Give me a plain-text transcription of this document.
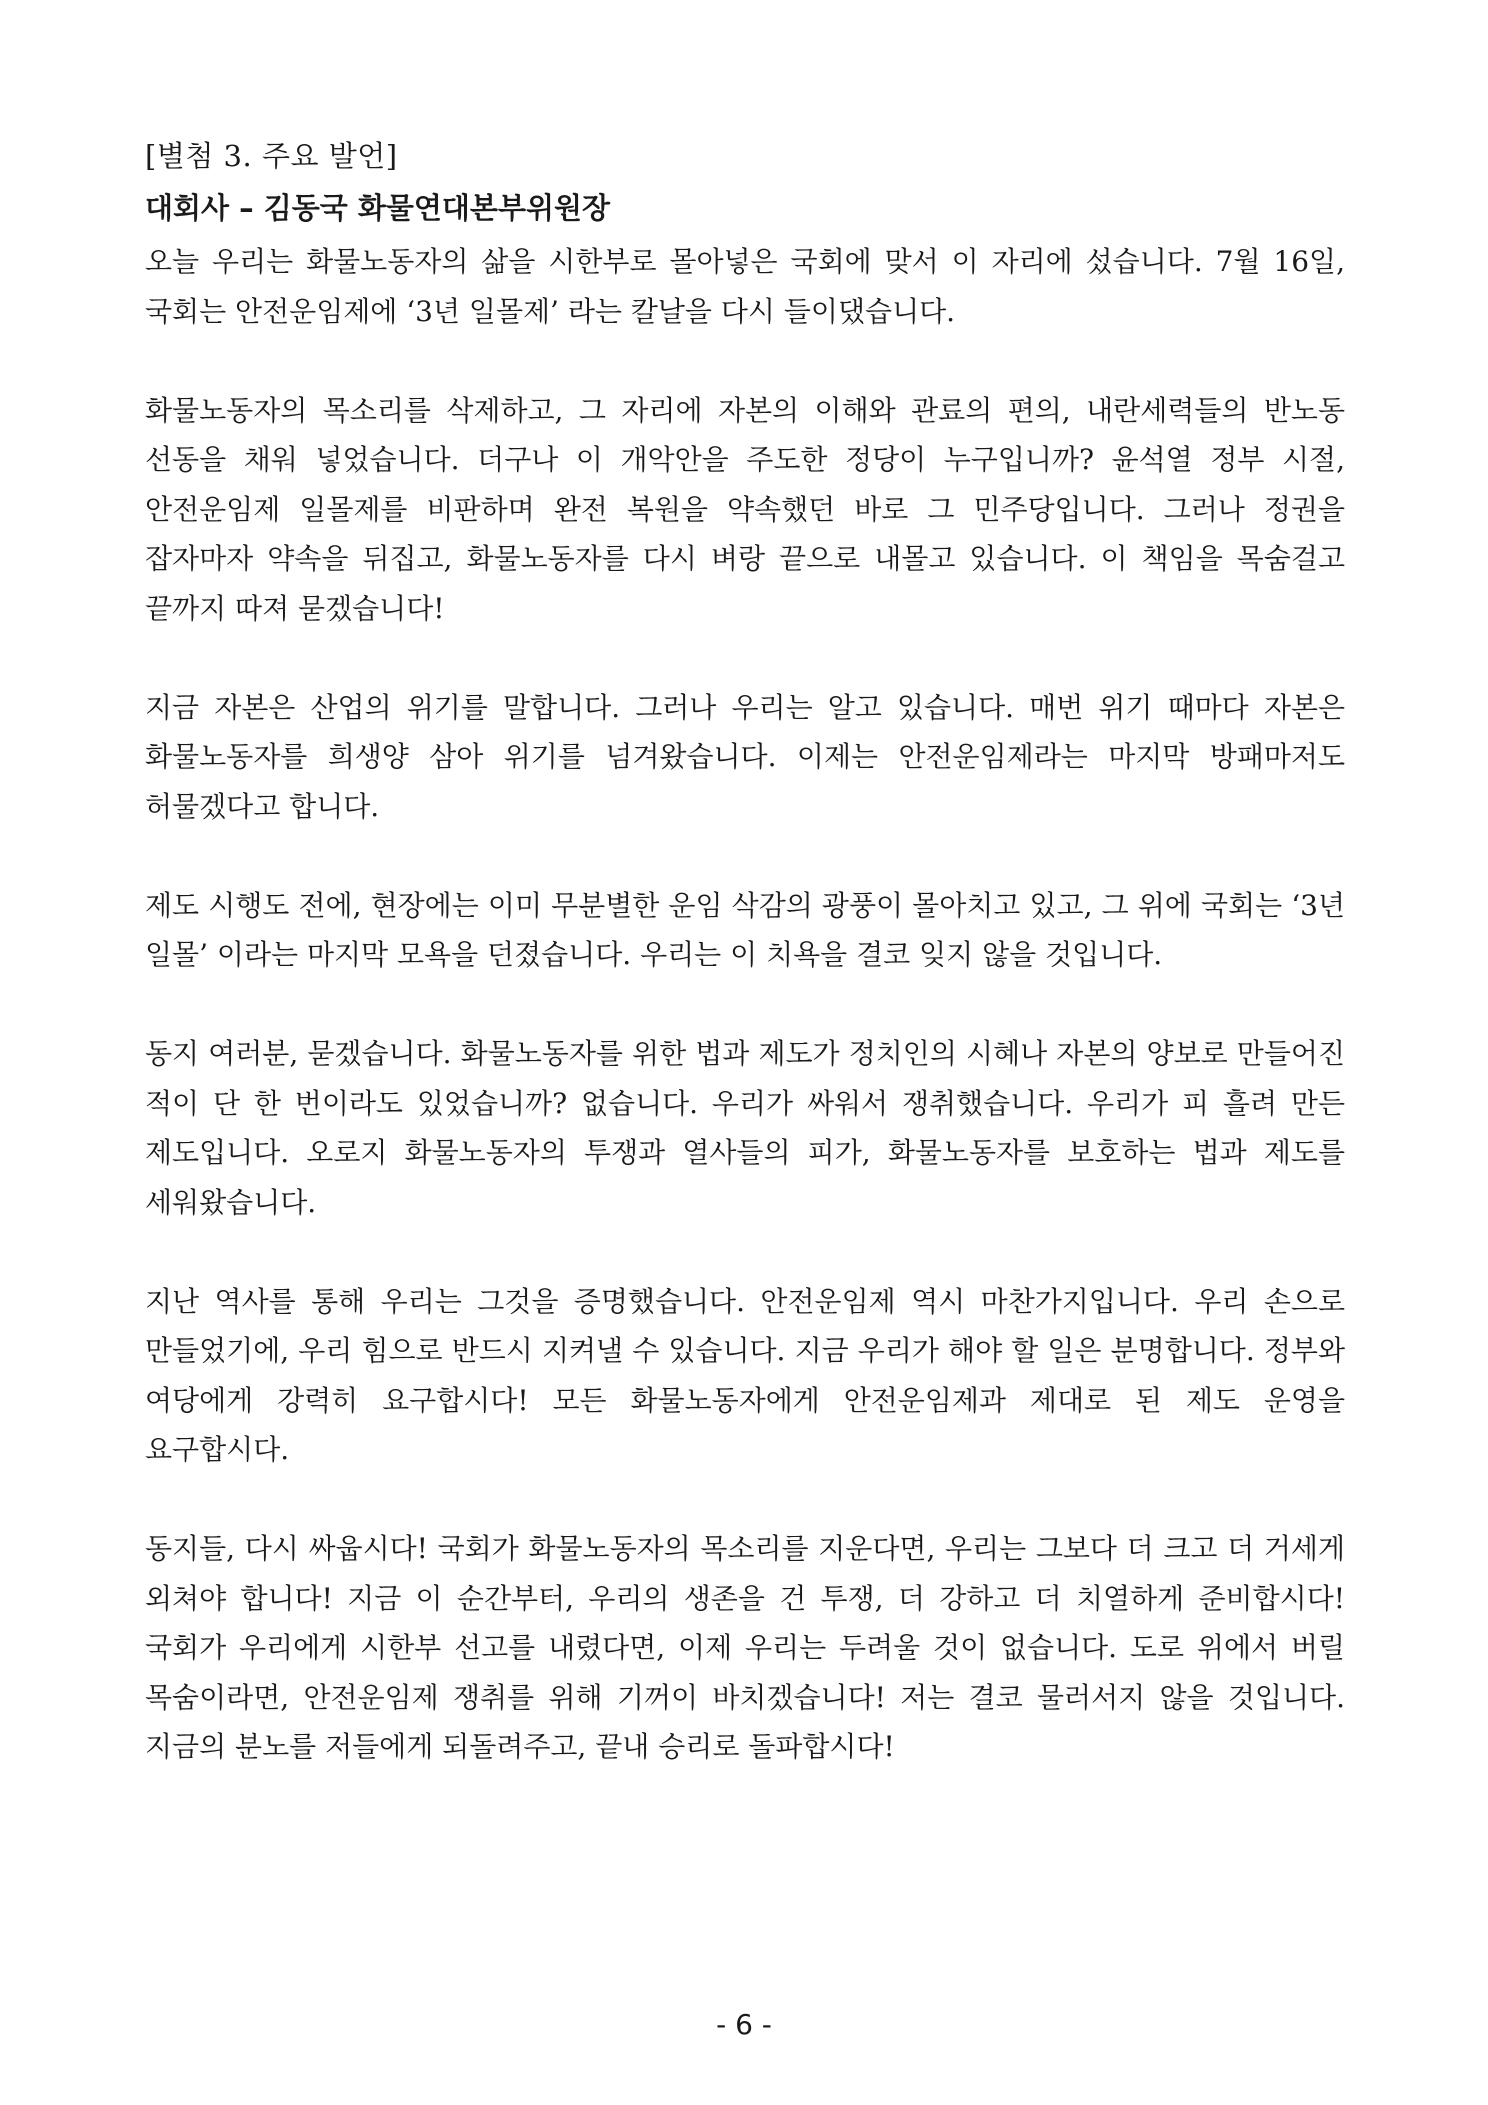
[별첨 3. 주요 발언]
대회사 – 김동국 화물연대본부위원장

오늘 우리는 화물노동자의 삶을 시한부로 몰아넣은 국회에 맞서 이 자리에 섰습니다. 7월 16일, 국회는 안전운임제에 ‘3년 일몰제’ 라는 칼날을 다시 들이댔습니다.

화물노동자의 목소리를 삭제하고, 그 자리에 자본의 이해와 관료의 편의, 내란세력들의 반노동 선동을 채워 넣었습니다. 더구나 이 개악안을 주도한 정당이 누구입니까? 윤석열 정부 시절, 안전운임제 일몰제를 비판하며 완전 복원을 약속했던 바로 그 민주당입니다. 그러나 정권을 잡자마자 약속을 뒤집고, 화물노동자를 다시 벼랑 끝으로 내몰고 있습니다. 이 책임을 목숨걸고 끝까지 따져 묻겠습니다!

지금 자본은 산업의 위기를 말합니다. 그러나 우리는 알고 있습니다. 매번 위기 때마다 자본은 화물노동자를 희생양 삼아 위기를 넘겨왔습니다. 이제는 안전운임제라는 마지막 방패마저도 허물겠다고 합니다.

제도 시행도 전에, 현장에는 이미 무분별한 운임 삭감의 광풍이 몰아치고 있고, 그 위에 국회는 ‘3년 일몰’ 이라는 마지막 모욕을 던졌습니다. 우리는 이 치욕을 결코 잊지 않을 것입니다.

동지 여러분, 묻겠습니다. 화물노동자를 위한 법과 제도가 정치인의 시혜나 자본의 양보로 만들어진 적이 단 한 번이라도 있었습니까? 없습니다. 우리가 싸워서 쟁취했습니다. 우리가 피 흘려 만든 제도입니다. 오로지 화물노동자의 투쟁과 열사들의 피가, 화물노동자를 보호하는 법과 제도를 세워왔습니다.

지난 역사를 통해 우리는 그것을 증명했습니다. 안전운임제 역시 마찬가지입니다. 우리 손으로 만들었기에, 우리 힘으로 반드시 지켜낼 수 있습니다. 지금 우리가 해야 할 일은 분명합니다. 정부와 여당에게 강력히 요구합시다! 모든 화물노동자에게 안전운임제과 제대로 된 제도 운영을 요구합시다.

동지들, 다시 싸웁시다! 국회가 화물노동자의 목소리를 지운다면, 우리는 그보다 더 크고 더 거세게 외쳐야 합니다! 지금 이 순간부터, 우리의 생존을 건 투쟁, 더 강하고 더 치열하게 준비합시다! 국회가 우리에게 시한부 선고를 내렸다면, 이제 우리는 두려울 것이 없습니다. 도로 위에서 버릴 목숨이라면, 안전운임제 쟁취를 위해 기꺼이 바치겠습니다! 저는 결코 물러서지 않을 것입니다. 지금의 분노를 저들에게 되돌려주고, 끝내 승리로 돌파합시다!

- 6 -
